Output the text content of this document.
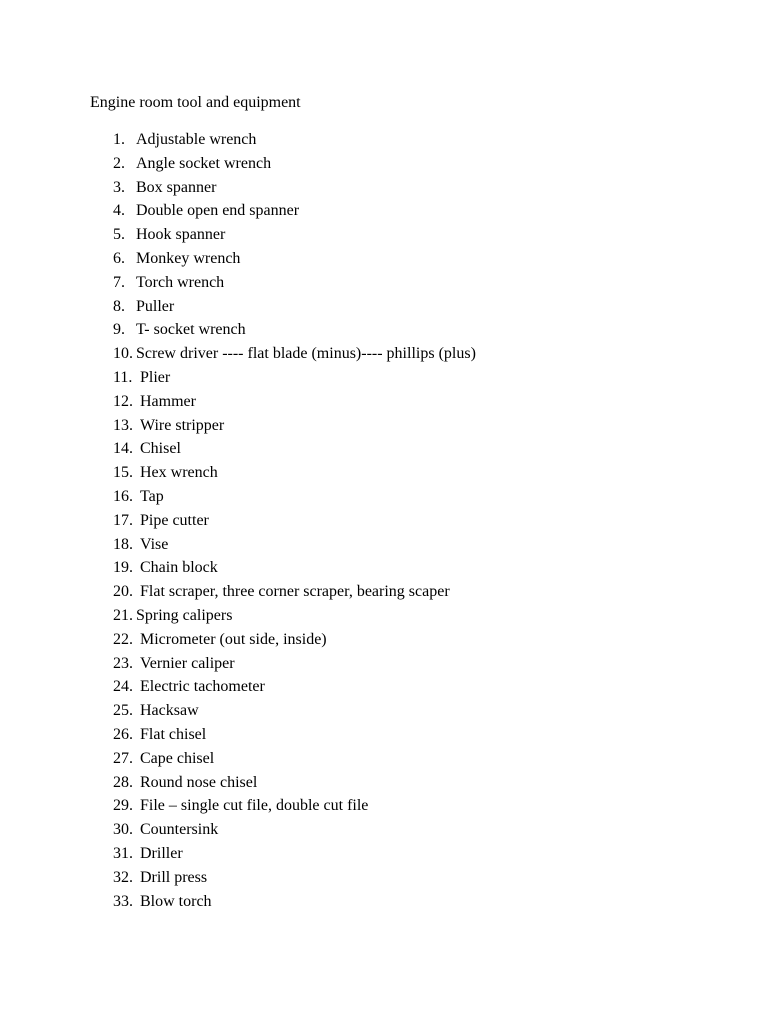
Engine room tool and equipment
1. Adjustable wrench
2. Angle socket wrench
3. Box spanner
4. Double open end spanner
5. Hook spanner
6. Monkey wrench
7. Torch wrench
8. Puller
9. T- socket wrench
10. Screw driver ---- flat blade (minus)---- phillips (plus)
11. Plier
12. Hammer
13. Wire stripper
14. Chisel
15. Hex wrench
16. Tap
17. Pipe cutter
18. Vise
19. Chain block
20. Flat scraper, three corner scraper, bearing scaper
21. Spring calipers
22. Micrometer (out side, inside)
23. Vernier caliper
24. Electric tachometer
25. Hacksaw
26. Flat chisel
27. Cape chisel
28. Round nose chisel
29. File – single cut file, double cut file
30. Countersink
31. Driller
32. Drill press
33. Blow torch
